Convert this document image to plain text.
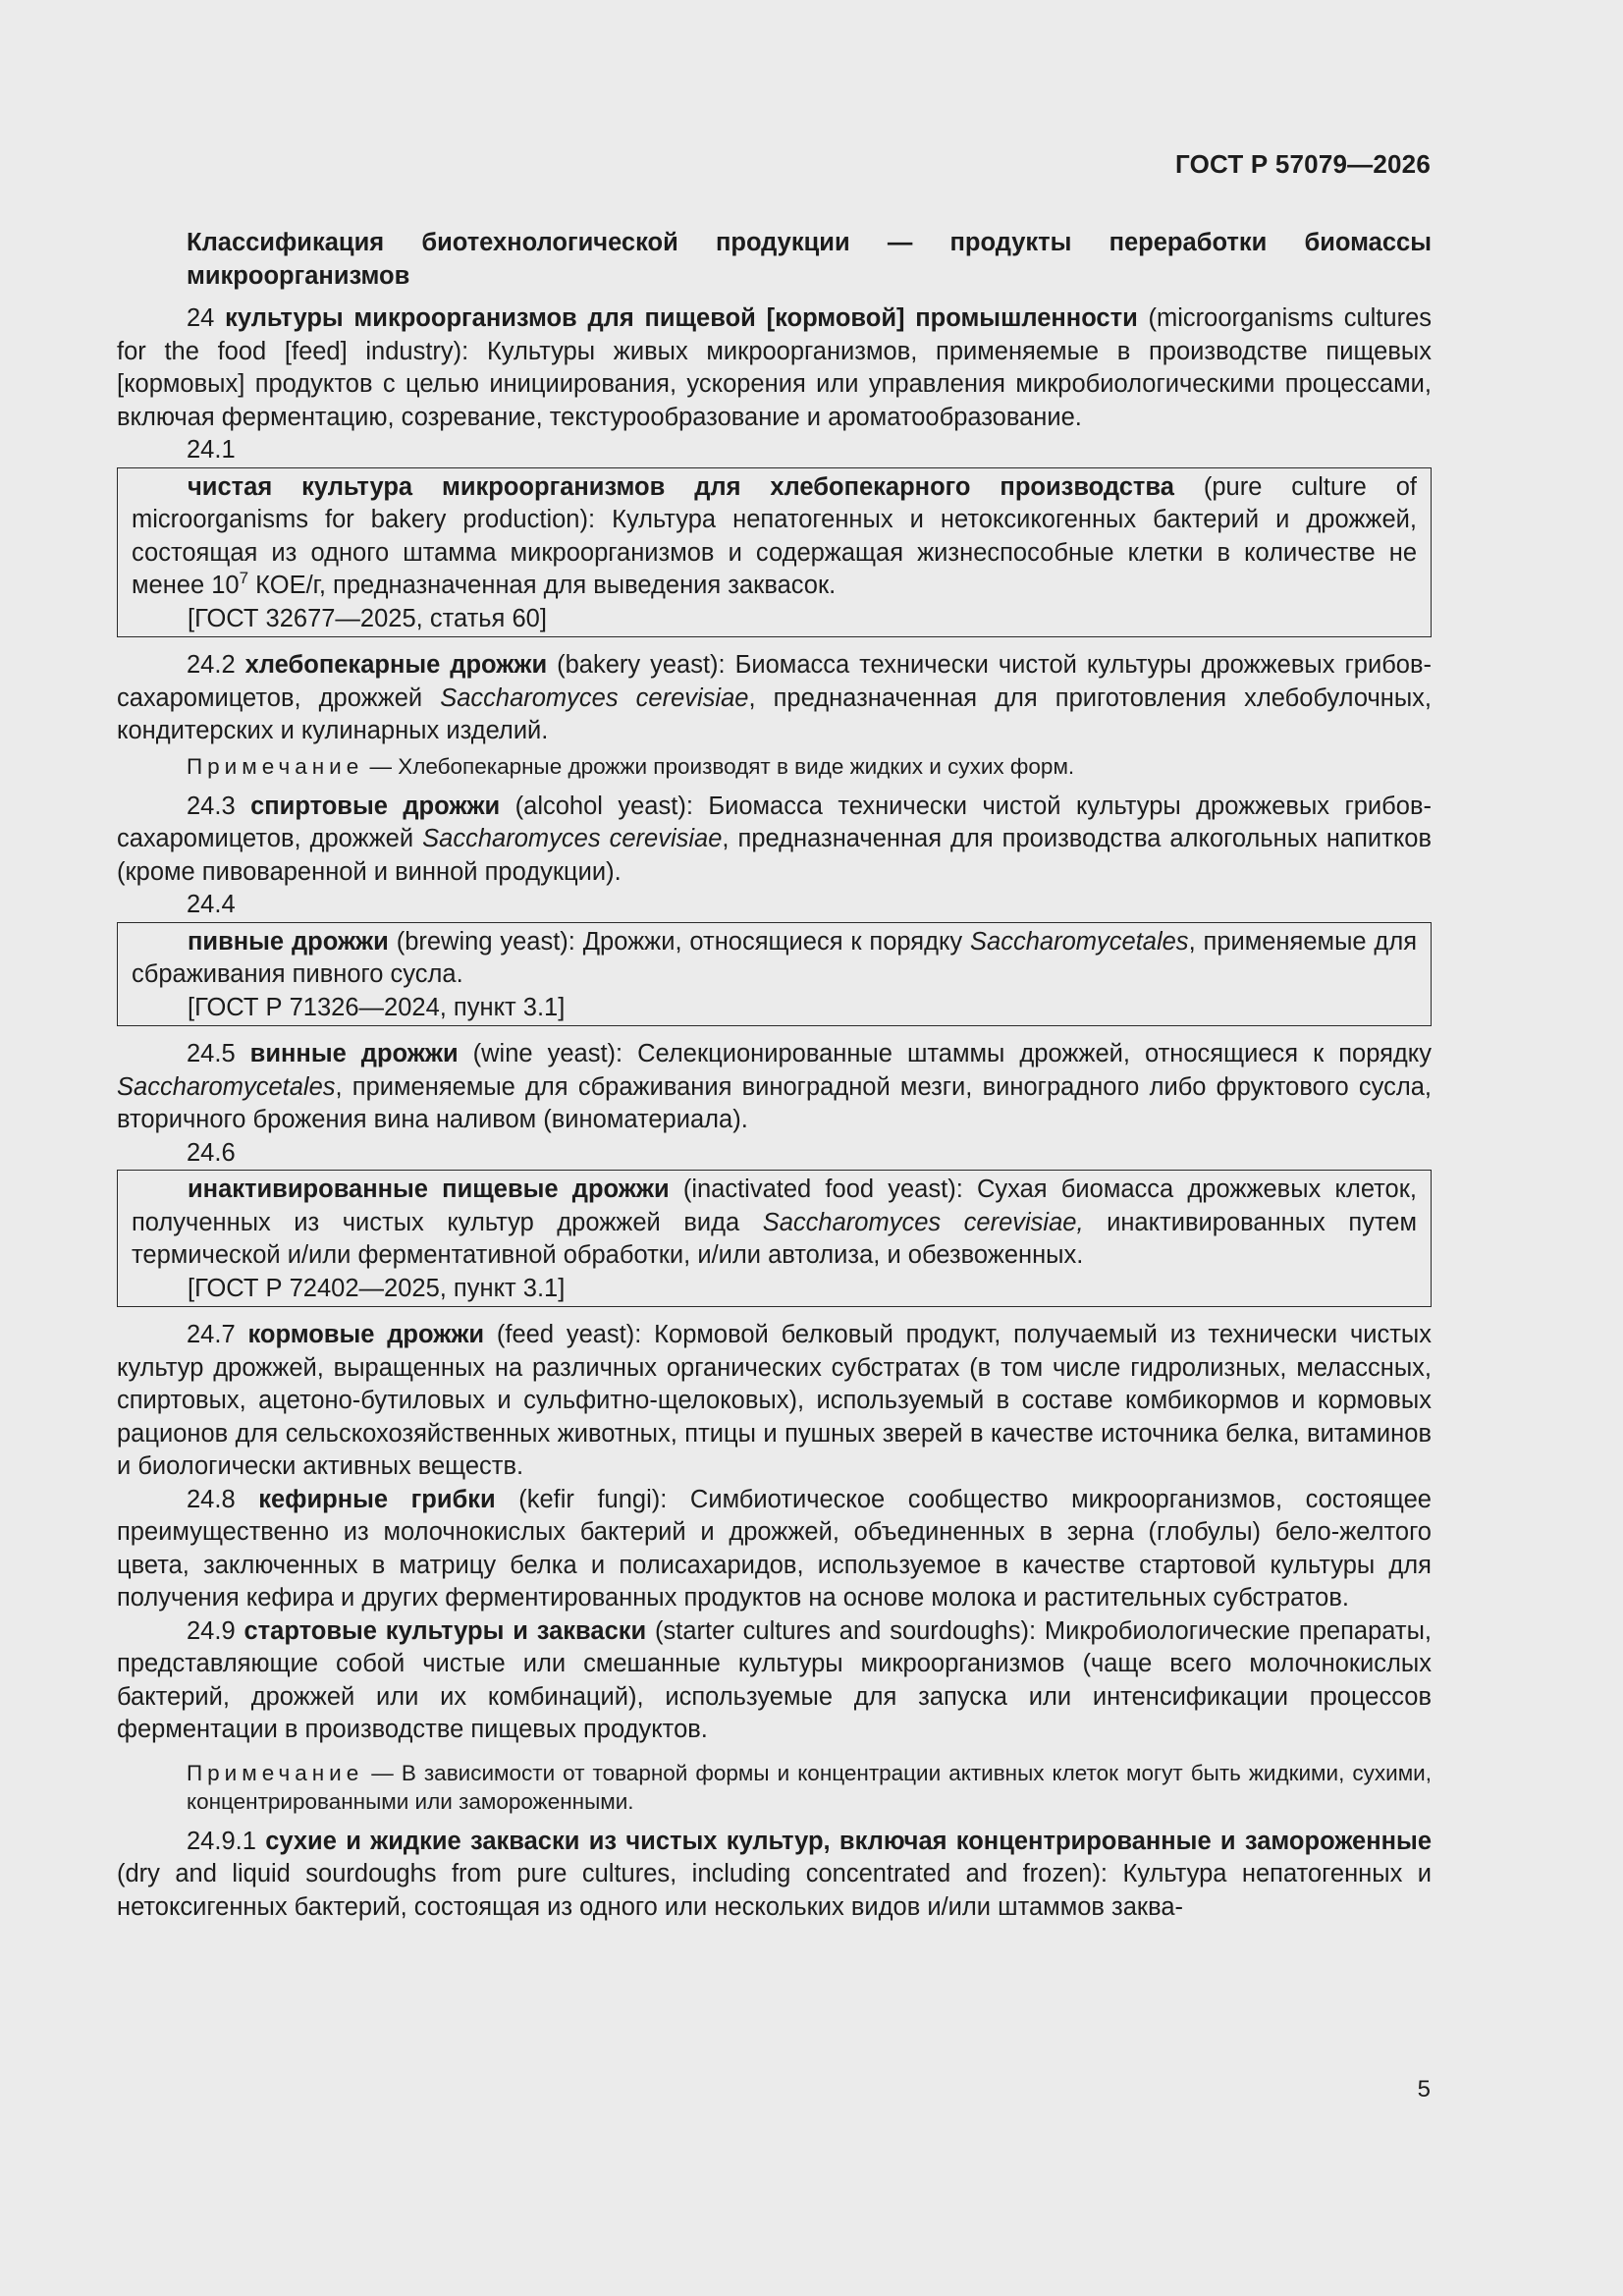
ГОСТ Р 57079—2026

Классификация биотехнологической продукции — продукты переработки биомассы микроорганизмов

24 культуры микроорганизмов для пищевой [кормовой] промышленности (microorganisms cultures for the food [feed] industry): Культуры живых микроорганизмов, применяемые в производстве пищевых [кормовых] продуктов с целью инициирования, ускорения или управления микробиологическими процессами, включая ферментацию, созревание, текстурообразование и ароматообразование.

24.1

чистая культура микроорганизмов для хлебопекарного производства (pure culture of microorganisms for bakery production): Культура непатогенных и нетоксикогенных бактерий и дрожжей, состоящая из одного штамма микроорганизмов и содержащая жизнеспособные клетки в количестве не менее $10^7$ КОЕ/г, предназначенная для выведения заквасок.

[ГОСТ 32677—2025, статья 60]

24.2 хлебопекарные дрожжи (bakery yeast): Биомасса технически чистой культуры дрожжевых грибов-сахаромицетов, дрожжей Saccharomyces cerevisiae, предназначенная для приготовления хлебобулочных, кондитерских и кулинарных изделий.

Примечание — Хлебопекарные дрожжи производят в виде жидких и сухих форм.

24.3 спиртовые дрожжи (alcohol yeast): Биомасса технически чистой культуры дрожжевых грибов-сахаромицетов, дрожжей Saccharomyces cerevisiae, предназначенная для производства алкогольных напитков (кроме пивоваренной и винной продукции).

24.4

пивные дрожжи (brewing yeast): Дрожжи, относящиеся к порядку Saccharomycetales, применяемые для сбраживания пивного сусла.

[ГОСТ Р 71326—2024, пункт 3.1]

24.5 винные дрожжи (wine yeast): Селекционированные штаммы дрожжей, относящиеся к порядку Saccharomycetales, применяемые для сбраживания виноградной мезги, виноградного либо фруктового сусла, вторичного брожения вина наливом (виноматериала).

24.6

инактивированные пищевые дрожжи (inactivated food yeast): Сухая биомасса дрожжевых клеток, полученных из чистых культур дрожжей вида Saccharomyces cerevisiae, инактивированных путем термической и/или ферментативной обработки, и/или автолиза, и обезвоженных.

[ГОСТ Р 72402—2025, пункт 3.1]

24.7 кормовые дрожжи (feed yeast): Кормовой белковый продукт, получаемый из технически чистых культур дрожжей, выращенных на различных органических субстратах (в том числе гидролизных, мелассных, спиртовых, ацетоно-бутиловых и сульфитно-щелоковых), используемый в составе комбикормов и кормовых рационов для сельскохозяйственных животных, птицы и пушных зверей в качестве источника белка, витаминов и биологически активных веществ.

24.8 кефирные грибки (kefir fungi): Симбиотическое сообщество микроорганизмов, состоящее преимущественно из молочнокислых бактерий и дрожжей, объединенных в зерна (глобулы) бело-желтого цвета, заключенных в матрицу белка и полисахаридов, используемое в качестве стартовой культуры для получения кефира и других ферментированных продуктов на основе молока и растительных субстратов.

24.9 стартовые культуры и закваски (starter cultures and sourdoughs): Микробиологические препараты, представляющие собой чистые или смешанные культуры микроорганизмов (чаще всего молочнокислых бактерий, дрожжей или их комбинаций), используемые для запуска или интенсификации процессов ферментации в производстве пищевых продуктов.

Примечание — В зависимости от товарной формы и концентрации активных клеток могут быть жидкими, сухими, концентрированными или замороженными.

24.9.1 сухие и жидкие закваски из чистых культур, включая концентрированные и замороженные (dry and liquid sourdoughs from pure cultures, including concentrated and frozen): Культура непатогенных и нетоксигенных бактерий, состоящая из одного или нескольких видов и/или штаммов заква-

5
